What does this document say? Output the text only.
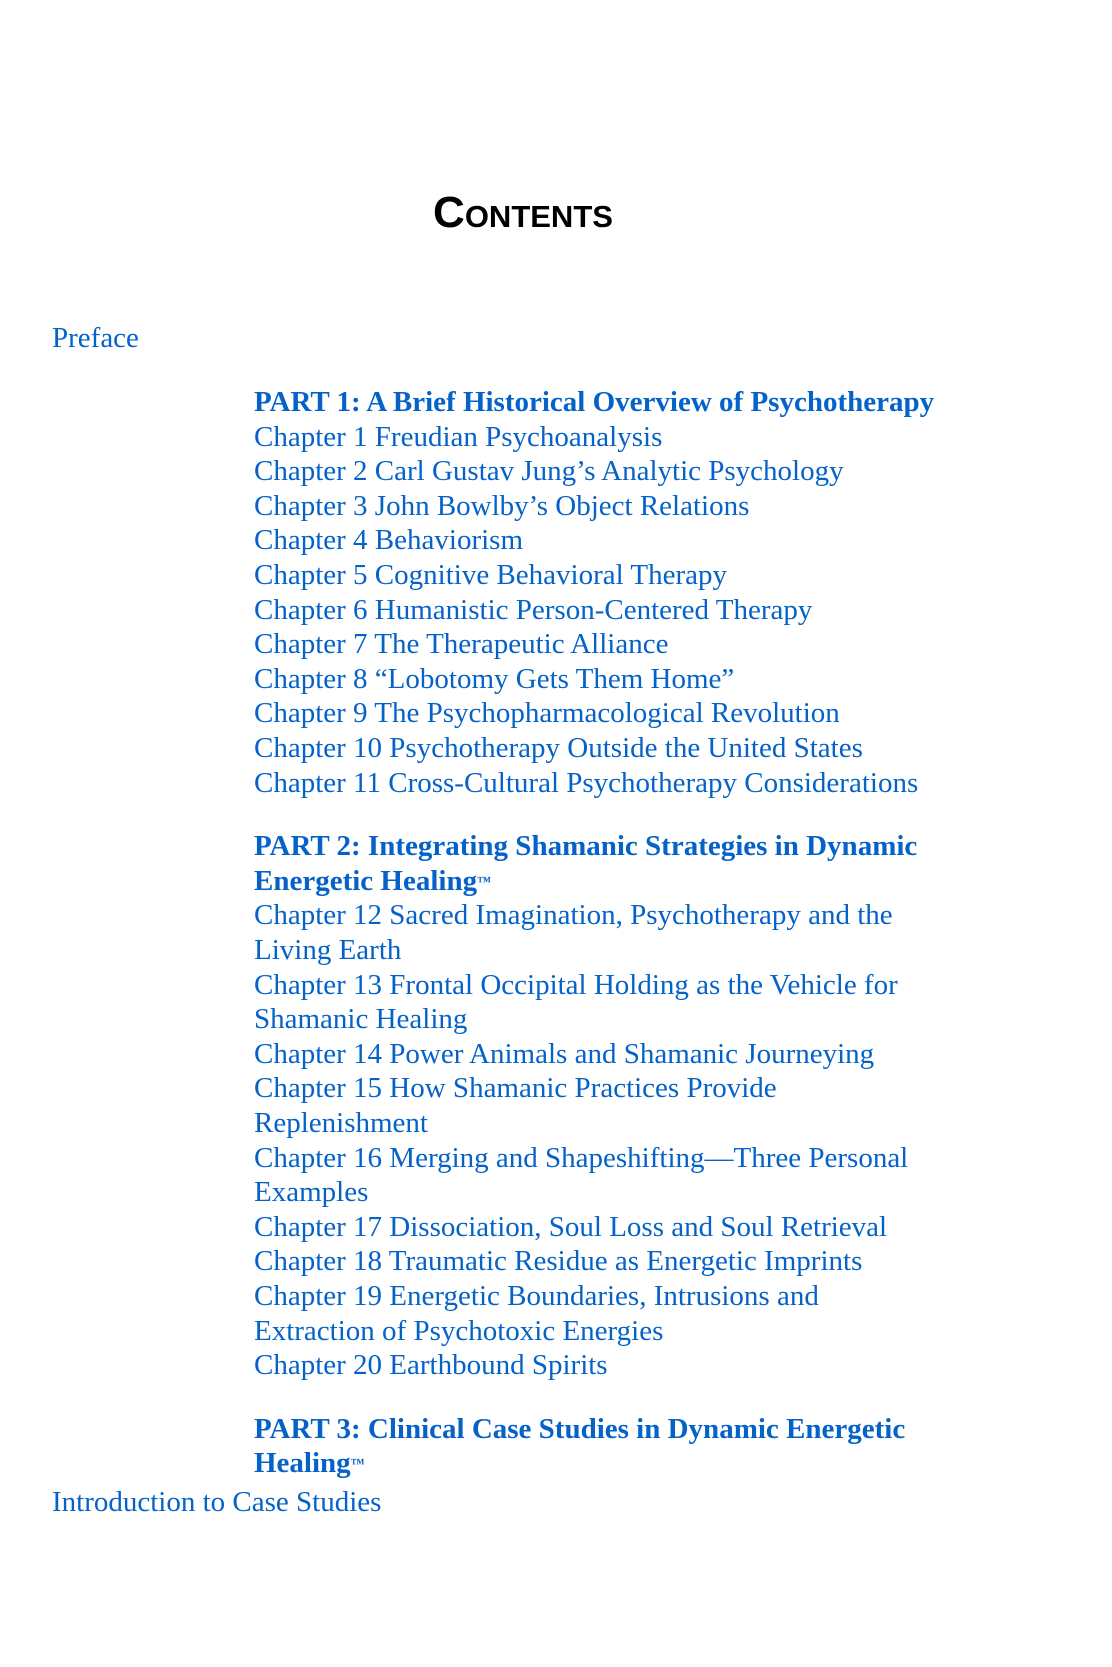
Contents
Preface
PART 1: A Brief Historical Overview of Psychotherapy
Chapter 1 Freudian Psychoanalysis
Chapter 2 Carl Gustav Jung’s Analytic Psychology
Chapter 3 John Bowlby’s Object Relations
Chapter 4 Behaviorism
Chapter 5 Cognitive Behavioral Therapy
Chapter 6 Humanistic Person-Centered Therapy
Chapter 7 The Therapeutic Alliance
Chapter 8 “Lobotomy Gets Them Home”
Chapter 9 The Psychopharmacological Revolution
Chapter 10 Psychotherapy Outside the United States
Chapter 11 Cross-Cultural Psychotherapy Considerations
PART 2: Integrating Shamanic Strategies in Dynamic
Energetic Healing™
Chapter 12 Sacred Imagination, Psychotherapy and the
Living Earth
Chapter 13 Frontal Occipital Holding as the Vehicle for
Shamanic Healing
Chapter 14 Power Animals and Shamanic Journeying
Chapter 15 How Shamanic Practices Provide
Replenishment
Chapter 16 Merging and Shapeshifting—Three Personal
Examples
Chapter 17 Dissociation, Soul Loss and Soul Retrieval
Chapter 18 Traumatic Residue as Energetic Imprints
Chapter 19 Energetic Boundaries, Intrusions and
Extraction of Psychotoxic Energies
Chapter 20 Earthbound Spirits
PART 3: Clinical Case Studies in Dynamic Energetic
Healing™
Introduction to Case Studies
